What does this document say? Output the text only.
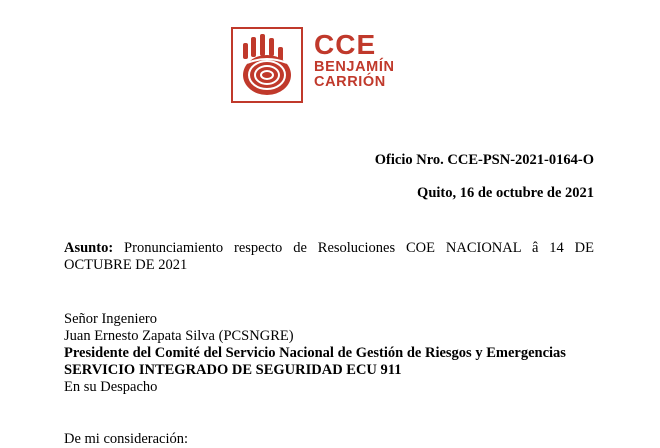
CCE
BENJAMÍN
CARRIÓN
Oficio Nro. CCE-PSN-2021-0164-O
Quito, 16 de octubre de 2021
Asunto: Pronunciamiento respecto de Resoluciones COE NACIONAL â 14 DE OCTUBRE DE 2021
Señor Ingeniero
Juan Ernesto Zapata Silva (PCSNGRE)
Presidente del Comité del Servicio Nacional de Gestión de Riesgos y Emergencias
SERVICIO INTEGRADO DE SEGURIDAD ECU 911
En su Despacho
De mi consideración:
